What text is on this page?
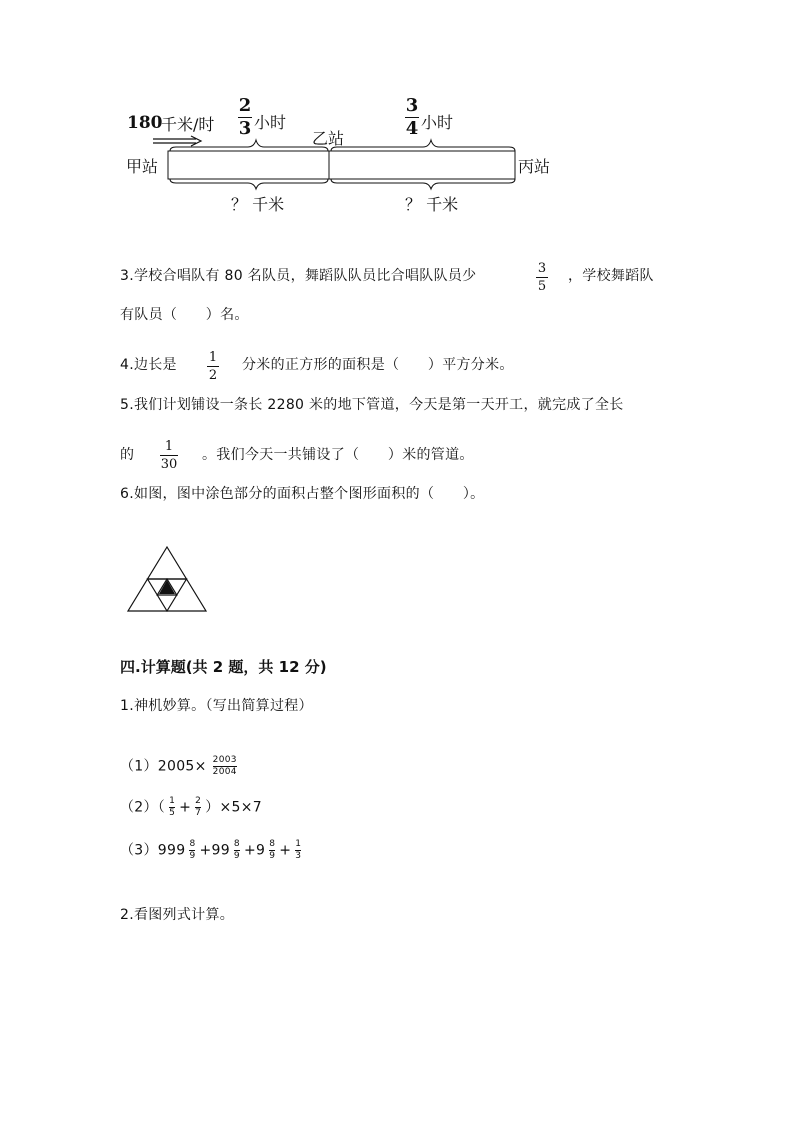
180
千米/时
2
3 小时
3
4 小时
乙站
甲站	丙站
？ 千米	？ 千米
3.学校合唱队有 80 名队员，舞蹈队队员比合唱队队员少	3
5
，学校舞蹈队
有队员（　　）名。
4.边长是 1
2
分米的正方形的面积是（　　）平方分米。
5.我们计划铺设一条长 2280 米的地下管道，今天是第一天开工，就完成了全长
的
1
30
。我们今天一共铺设了（　　）米的管道。
6.如图，图中涂色部分的面积占整个图形面积的（　　）。
四.计算题(共 2 题，共 12 分)
1.神机妙算。（写出简算过程）
$(1)2005\times \frac{2003}{2004}$
$(2)( \frac{1}{5} + \frac{2}{7} )\times 5\times 7$
$(3)999 \frac{8}{9} +99 \frac{8}{9} +9 \frac{8}{9} + \frac{1}{3}$
2.看图列式计算。
